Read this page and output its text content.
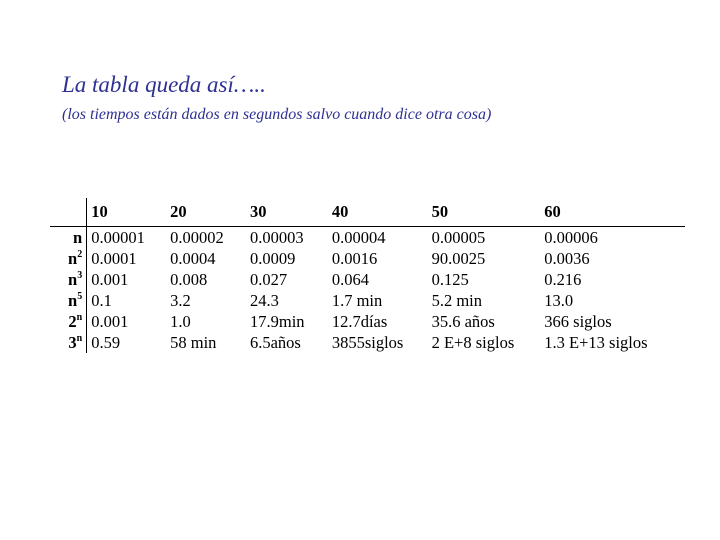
La tabla queda así…..

(los tiempos están dados en segundos salvo cuando dice otra cosa)

	10	20	30	40	50	60
n	0.00001	0.00002	0.00003	0.00004	0.00005	0.00006
$n^2$	0.0001	0.0004	0.0009	0.0016	90.0025	0.0036
$n^3$	0.001	0.008	0.027	0.064	0.125	0.216
$n^5$	0.1	3.2	24.3	1.7 min	5.2 min	13.0
2$^n$	0.001	1.0	17.9min	12.7días	35.6 años	366 siglos
3$^n$	0.59	58 min	6.5años	3855siglos	2 E+8 siglos	1.3 E+13 siglos
